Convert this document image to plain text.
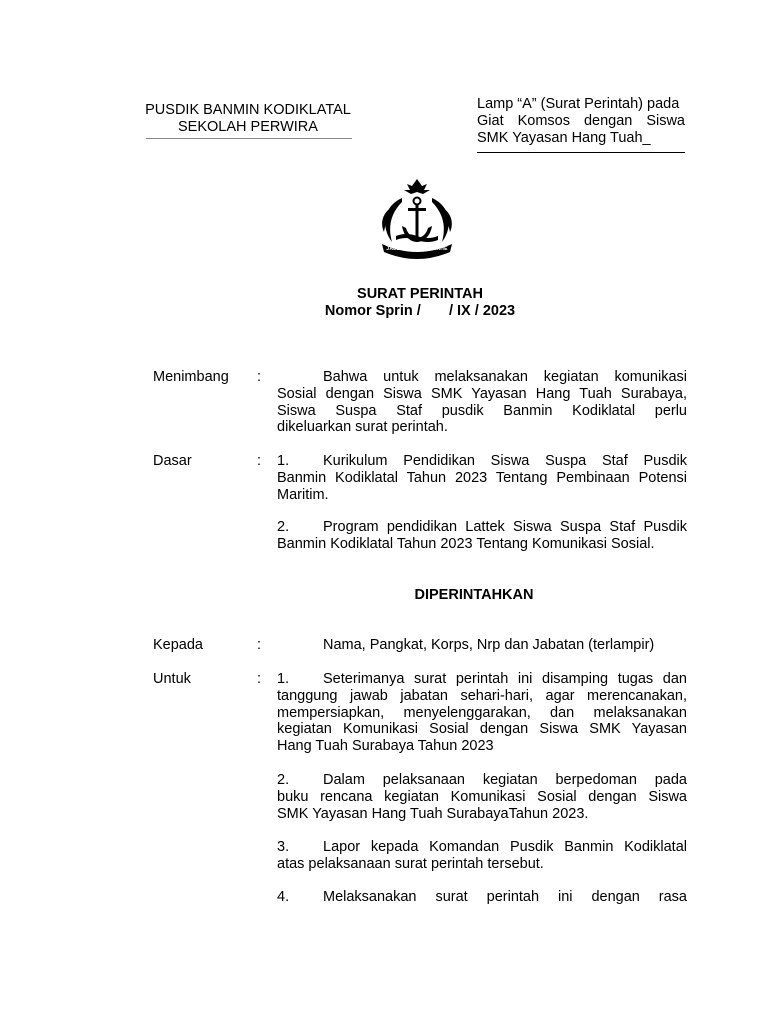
PUSDIK BANMIN KODIKLATAL
SEKOLAH PERWIRA
Lamp “A” (Surat Perintah) pada
Giat Komsos dengan Siswa
SMK Yayasan Hang Tuah_
JALESVEVA JAYAMAHE
SURAT PERINTAH
Nomor Sprin /       / IX / 2023
Menimbang :	Bahwa untuk melaksanakan kegiatan komunikasi
Sosial dengan Siswa SMK Yayasan Hang Tuah Surabaya,
Siswa Suspa Staf pusdik Banmin Kodiklatal perlu
dikeluarkan surat perintah.
Dasar	: 1. Kurikulum Pendidikan Siswa Suspa Staf Pusdik
Banmin Kodiklatal Tahun 2023 Tentang Pembinaan Potensi
Maritim.
2. Program pendidikan Lattek Siswa Suspa Staf Pusdik
Banmin Kodiklatal Tahun 2023 Tentang Komunikasi Sosial.
DIPERINTAHKAN
Kepada	:	Nama, Pangkat, Korps, Nrp dan Jabatan (terlampir)
Untuk	: 1. Seterimanya surat perintah ini disamping tugas dan
tanggung jawab jabatan sehari-hari, agar merencanakan,
mempersiapkan, menyelenggarakan, dan melaksanakan
kegiatan Komunikasi Sosial dengan Siswa SMK Yayasan
Hang Tuah Surabaya Tahun 2023
2. Dalam pelaksanaan kegiatan berpedoman pada
buku rencana kegiatan Komunikasi Sosial dengan Siswa
SMK Yayasan Hang Tuah SurabayaTahun 2023.
3. Lapor kepada Komandan Pusdik Banmin Kodiklatal
atas pelaksanaan surat perintah tersebut.
4. Melaksanakan surat perintah ini dengan rasa
